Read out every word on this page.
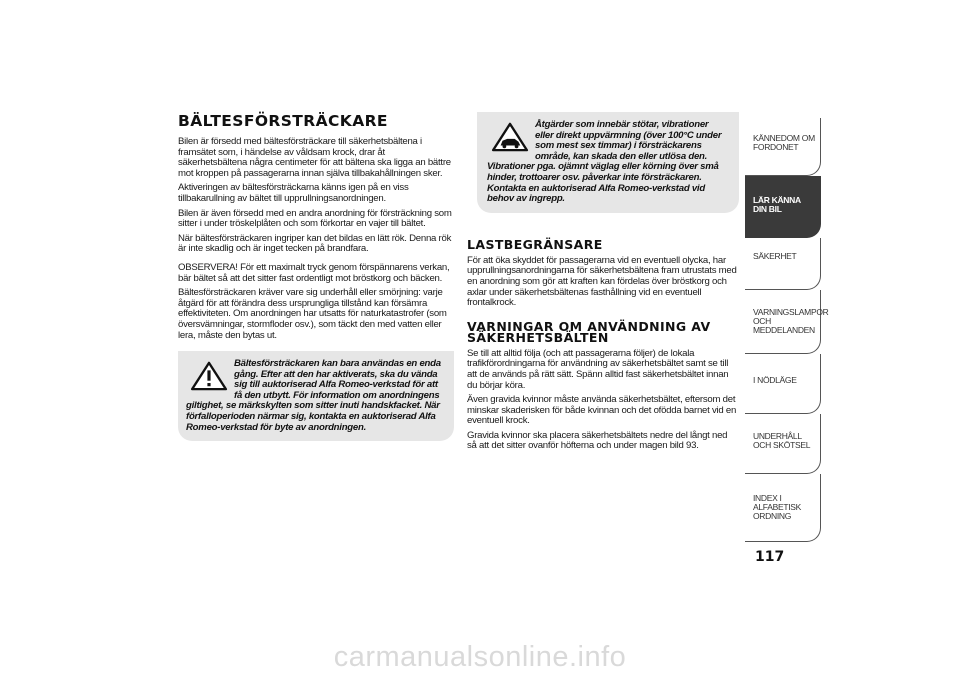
BÄLTESFÖRSTRÄCKARE

Bilen är försedd med bältesförsträckare till säkerhetsbältena i framsätet som, i händelse av våldsam krock, drar åt säkerhetsbältena några centimeter för att bältena ska ligga an bättre mot kroppen på passagerarna innan själva tillbakahållningen sker.

Aktiveringen av bältesförsträckarna känns igen på en viss tillbakarullning av bältet till upprullningsanordningen.

Bilen är även försedd med en andra anordning för försträckning som sitter i under tröskelplåten och som förkortar en vajer till bältet.

När bältesförsträckaren ingriper kan det bildas en lätt rök. Denna rök är inte skadlig och är inget tecken på brandfara.

OBSERVERA! För ett maximalt tryck genom förspännarens verkan, bär bältet så att det sitter fast ordentligt mot bröstkorg och bäcken.

Bältesförsträckaren kräver vare sig underhåll eller smörjning: varje åtgärd för att förändra dess ursprungliga tillstånd kan försämra effektiviteten. Om anordningen har utsatts för naturkatastrofer (som översvämningar, stormfloder osv.), som täckt den med vatten eller lera, måste den bytas ut.

Bältesförsträckaren kan bara användas en enda gång. Efter att den har aktiverats, ska du vända sig till auktoriserad Alfa Romeo-verkstad för att få den utbytt. För information om anordningens giltighet, se märkskylten som sitter inuti handskfacket. När förfalloperioden närmar sig, kontakta en auktoriserad Alfa Romeo-verkstad för byte av anordningen.

Åtgärder som innebär stötar, vibrationer eller direkt uppvärmning (över 100°C under som mest sex timmar) i försträckarens område, kan skada den eller utlösa den. Vibrationer pga. ojämnt väglag eller körning över små hinder, trottoarer osv. påverkar inte försträckaren. Kontakta en auktoriserad Alfa Romeo-verkstad vid behov av ingrepp.

LASTBEGRÄNSARE

För att öka skyddet för passagerarna vid en eventuell olycka, har upprullningsanordningarna för säkerhetsbältena fram utrustats med en anordning som gör att kraften kan fördelas över bröstkorg och axlar under säkerhetsbältenas fasthållning vid en eventuell frontalkrock.

VARNINGAR OM ANVÄNDNING AV SÄKERHETSBÄLTEN

Se till att alltid följa (och att passagerarna följer) de lokala trafikförordningarna för användning av säkerhetsbältet samt se till att de används på rätt sätt. Spänn alltid fast säkerhetsbältet innan du börjar köra.

Även gravida kvinnor måste använda säkerhetsbältet, eftersom det minskar skaderisken för både kvinnan och det ofödda barnet vid en eventuell krock.

Gravida kvinnor ska placera säkerhetsbältets nedre del långt ned så att det sitter ovanför höfterna och under magen bild 93.

KÄNNEDOM OM FORDONET
LÄR KÄNNA DIN BIL
SÄKERHET
VARNINGSLAMPOR OCH MEDDELANDEN
I NÖDLÄGE
UNDERHÅLL OCH SKÖTSEL
INDEX I ALFABETISK ORDNING
117
carmanualsonline.info
